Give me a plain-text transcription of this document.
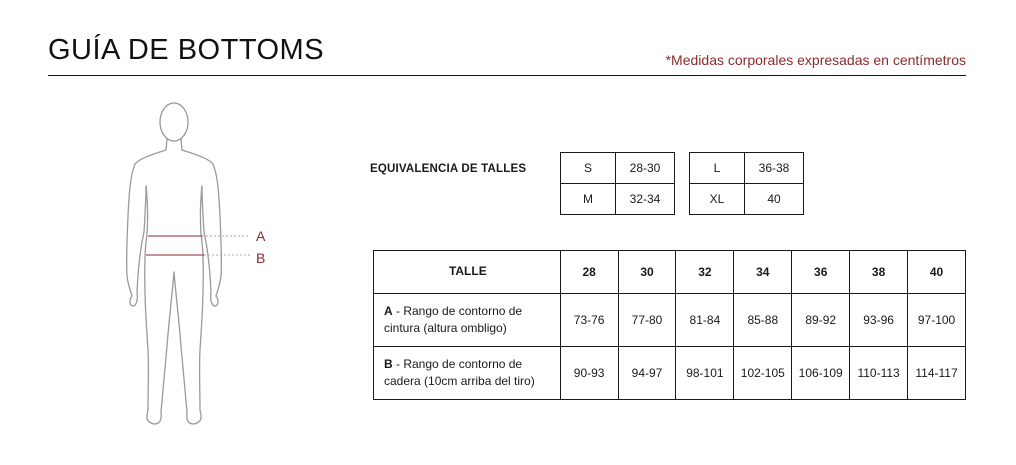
GUÍA DE BOTTOMS	*Medidas corporales expresadas en centímetros
A
B
EQUIVALENCIA DE TALLES	S	28-30
M	32-34
L	36-38
XL	40
TALLE	28	30	32	34	36	38	40
A - Rango de contorno de
cintura (altura ombligo)	73-76	77-80	81-84	85-88	89-92	93-96	97-100
B - Rango de contorno de
cadera (10cm arriba del tiro)	90-93	94-97	98-101	102-105	106-109	110-113	114-117
